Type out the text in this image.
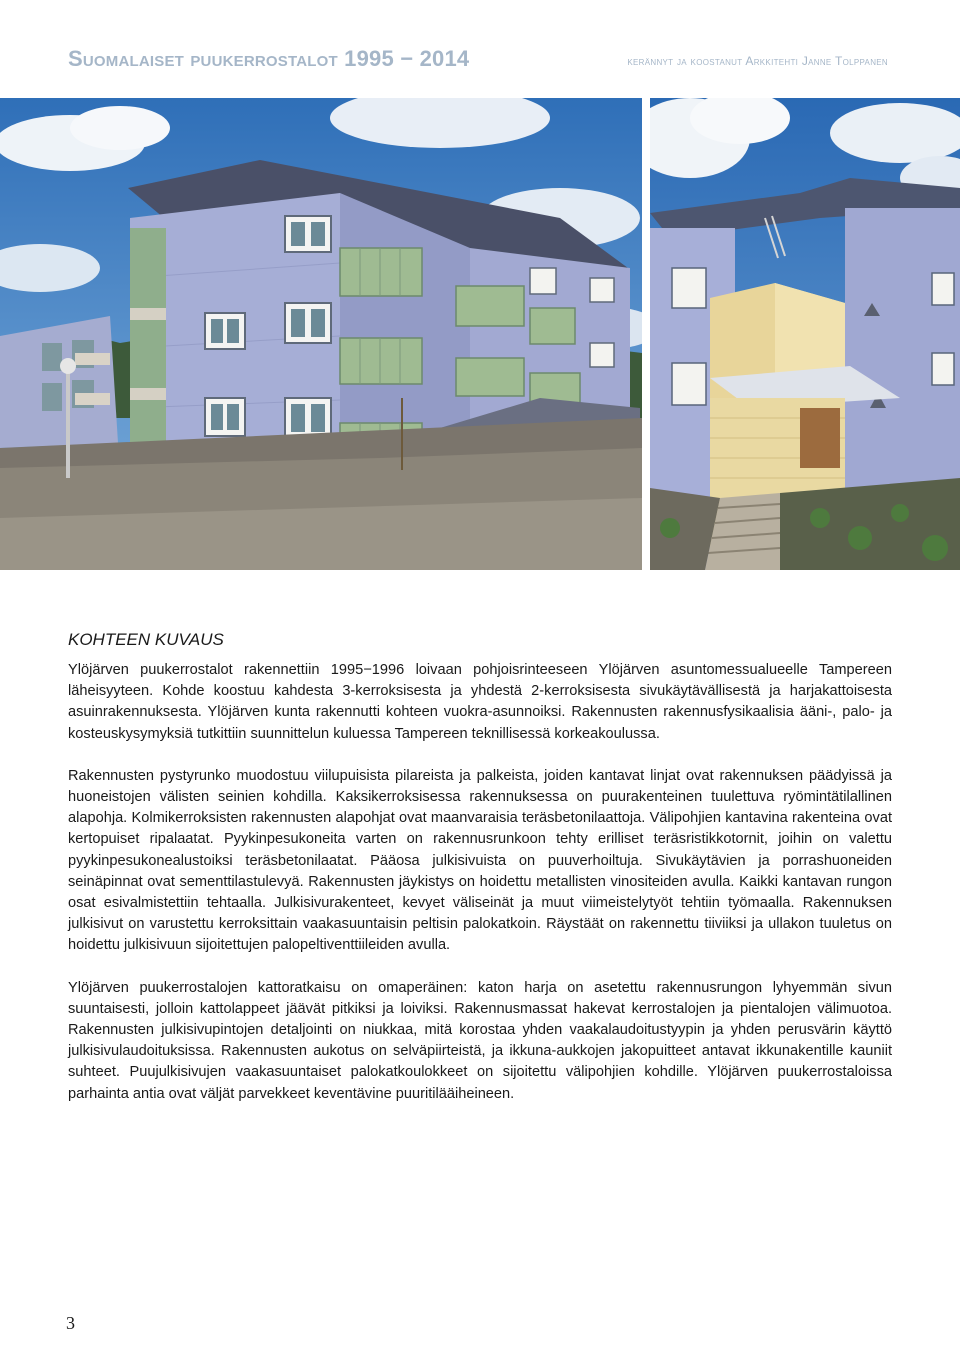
Suomalaiset puukerrostalot 1995 − 2014	kerännyt ja koostanut Arkkitehti Janne Tolppanen
KOHTEEN KUVAUS

Ylöjärven puukerrostalot rakennettiin 1995−1996 loivaan pohjoisrinteeseen Ylöjärven asuntomessualueelle Tampereen läheisyyteen. Kohde koostuu kahdesta 3-kerroksisesta ja yhdestä 2-kerroksisesta sivukäytävällisestä ja harjakattoisesta asuinrakennuksesta. Ylöjärven kunta rakennutti kohteen vuokra-asunnoiksi. Rakennusten rakennusfysikaalisia ääni-, palo- ja kosteuskysymyksiä tutkittiin suunnittelun kuluessa Tampereen teknillisessä korkeakoulussa.

Rakennusten pystyrunko muodostuu viilupuisista pilareista ja palkeista, joiden kantavat linjat ovat rakennuksen päädyissä ja huoneistojen välisten seinien kohdilla. Kaksikerroksisessa rakennuksessa on puurakenteinen tuulettuva ryömintätilallinen alapohja. Kolmikerroksisten rakennusten alapohjat ovat maanvaraisia teräsbetonilaattoja. Välipohjien kantavina rakenteina ovat kertopuiset ripalaatat. Pyykinpesukoneita varten on rakennusrunkoon tehty erilliset teräsristikkotornit, joihin on valettu pyykinpesukonealustoiksi teräsbetonilaatat. Pääosa julkisivuista on puuverhoiltuja. Sivukäytävien ja porrashuoneiden seinäpinnat ovat sementtilastulevyä. Rakennusten jäykistys on hoidettu metallisten vinositeiden avulla. Kaikki kantavan rungon osat esivalmistettiin tehtaalla. Julkisivurakenteet, kevyet väliseinät ja muut viimeistelytyöt tehtiin työmaalla. Rakennuksen julkisivut on varustettu kerroksittain vaakasuuntaisin peltisin palokatkoin. Räystäät on rakennettu tiiviiksi ja ullakon tuuletus on hoidettu julkisivuun sijoitettujen palopeltiventtiileiden avulla.

Ylöjärven puukerrostalojen kattoratkaisu on omaperäinen: katon harja on asetettu rakennusrungon lyhyemmän sivun suuntaisesti, jolloin kattolappeet jäävät pitkiksi ja loiviksi. Rakennusmassat hakevat kerrostalojen ja pientalojen välimuotoa. Rakennusten julkisivupintojen detaljointi on niukkaa, mitä korostaa yhden vaakalaudoitustyypin ja yhden perusvärin käyttö julkisivulaudoituksissa. Rakennusten aukotus on selväpiirteistä, ja ikkuna-aukkojen jakopuitteet antavat ikkunakentille kauniit suhteet. Puujulkisivujen vaakasuuntaiset palokatkoulokkeet on sijoitettu välipohjien kohdille. Ylöjärven puukerrostaloissa parhainta antia ovat väljät parvekkeet keventävine puuritilääiheineen.

3
